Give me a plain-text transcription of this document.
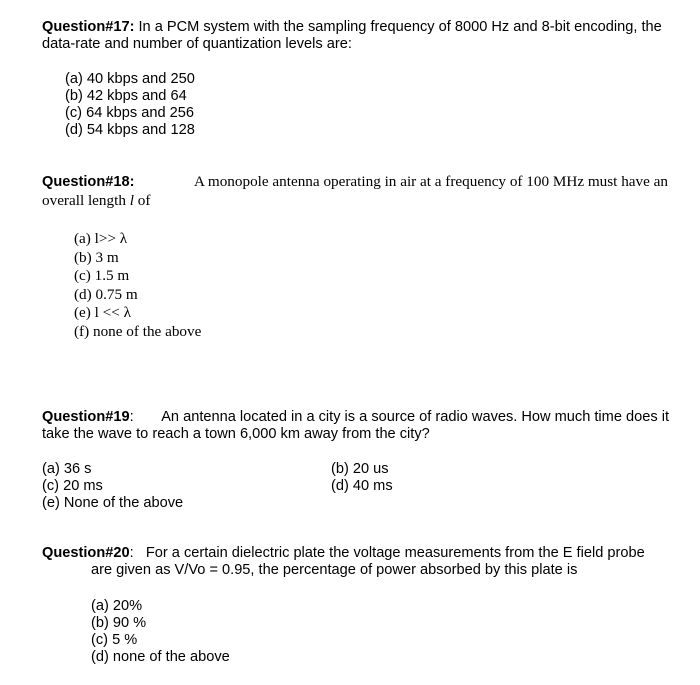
Question#17: In a PCM system with the sampling frequency of 8000 Hz and 8-bit encoding, the
data-rate and number of quantization levels are:
(a) 40 kbps and 250
(b) 42 kbps and 64
(c) 64 kbps and 256
(d) 54 kbps and 128
Question#18:	A monopole antenna operating in air at a frequency of 100 MHz must have an
overall length l of
(a) l>> λ
(b) 3 m
(c) 1.5 m
(d) 0.75 m
(e) l << λ
(f) none of the above
Question#19: An antenna located in a city is a source of radio waves. How much time does it
take the wave to reach a town 6,000 km away from the city?
(a) 36 s
(c) 20 ms
(e) None of the above
(b) 20 us
(d) 40 ms
Question#20: For a certain dielectric plate the voltage measurements from the E field probe
are given as V/Vo = 0.95, the percentage of power absorbed by this plate is
(a) 20%
(b) 90 %
(c) 5 %
(d) none of the above
